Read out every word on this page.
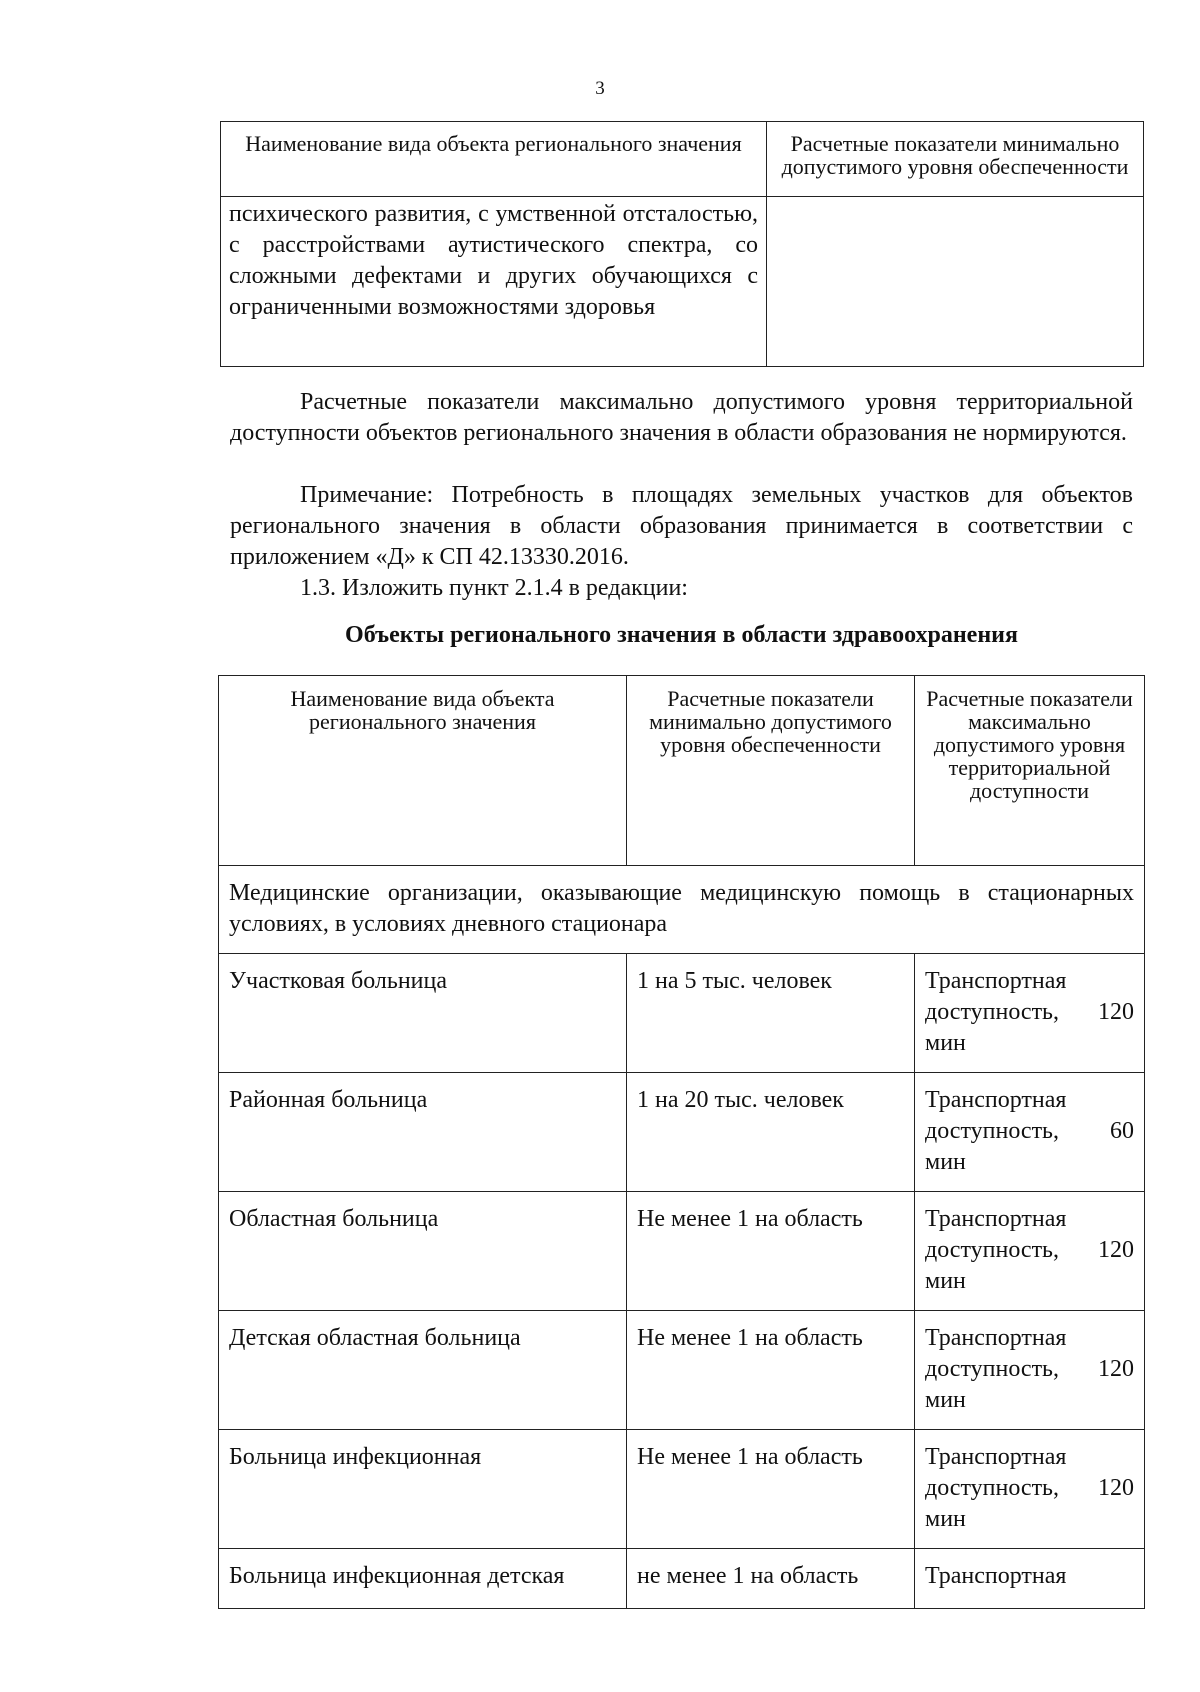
3
Наименование вида объекта регионального значения	Расчетные показатели минимально допустимого уровня обеспеченности
психического развития, с умственной отсталостью, с расстройствами аутистического спектра, со сложными дефектами и других обучающихся с ограниченными возможностями здоровья	

Расчетные показатели максимально допустимого уровня территориальной доступности объектов регионального значения в области образования не нормируются.

Примечание: Потребность в площадях земельных участков для объектов регионального значения в области образования принимается в соответствии с приложением «Д» к СП 42.13330.2016.

1.3. Изложить пункт 2.1.4 в редакции:

Объекты регионального значения в области здравоохранения
Наименование вида объекта регионального значения	Расчетные показатели минимально допустимого уровня обеспеченности	Расчетные показатели максимально допустимого уровня территориальной доступности
Медицинские организации, оказывающие медицинскую помощь в стационарных условиях, в условиях дневного стационара		
Участковая больница	1 на 5 тыс. человек	Транспортная доступность, 120 мин
Районная больница	1 на 20 тыс. человек	Транспортная доступность, 60 мин
Областная больница	Не менее 1 на область	Транспортная доступность, 120 мин
Детская областная больница	Не менее 1 на область	Транспортная доступность, 120 мин
Больница инфекционная	Не менее 1 на область	Транспортная доступность, 120 мин
Больница инфекционная детская	не менее 1 на область	Транспортная
